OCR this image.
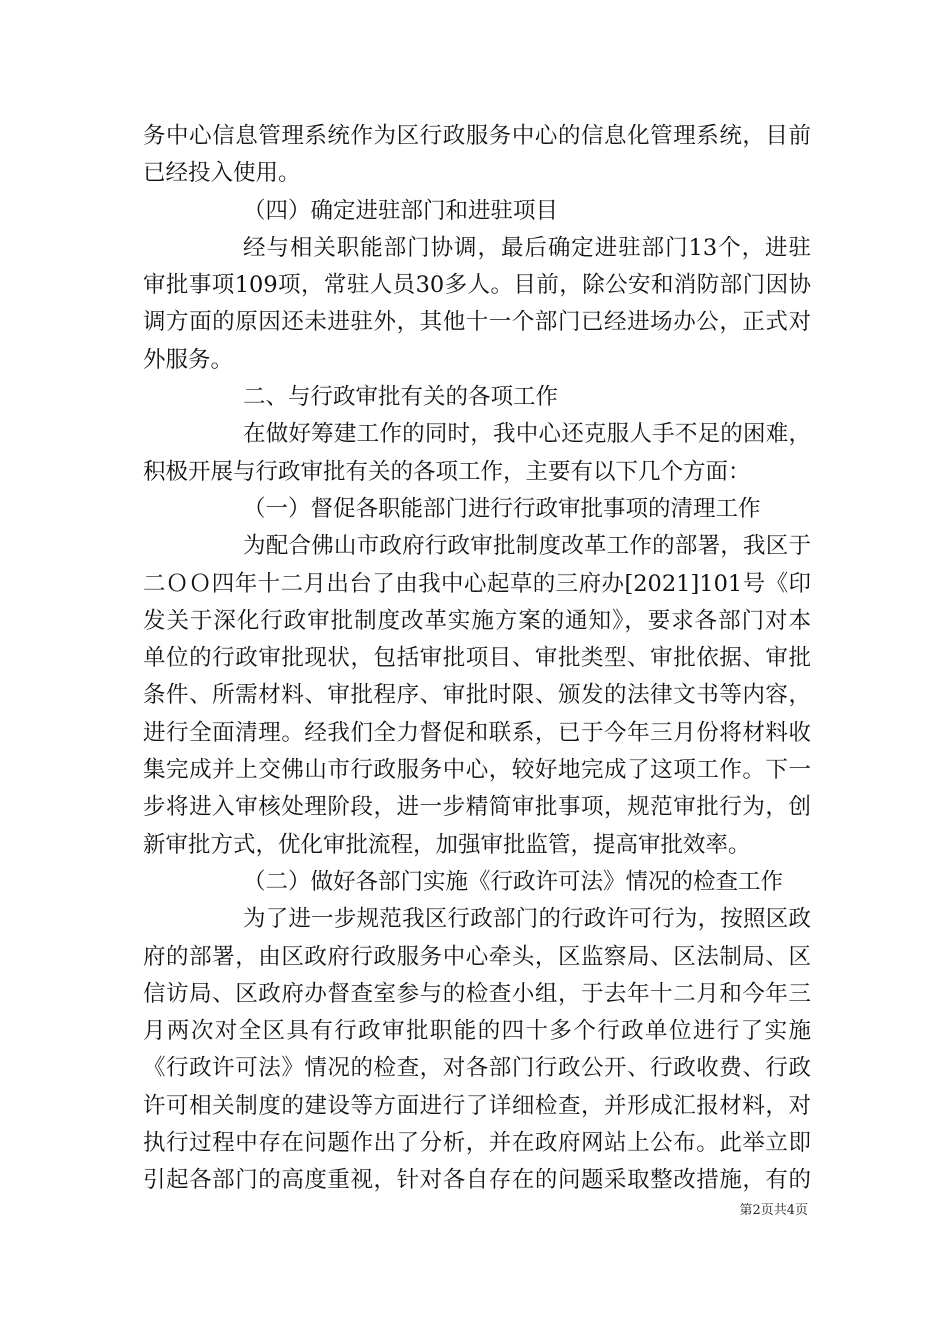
务中心信息管理系统作为区行政服务中心的信息化管理系统，目前
已经投入使用。
（四）确定进驻部门和进驻项目
经与相关职能部门协调，最后确定进驻部门13个，进驻
审批事项109项，常驻人员30多人。目前，除公安和消防部门因协
调方面的原因还未进驻外，其他十一个部门已经进场办公，正式对
外服务。
二、与行政审批有关的各项工作
在做好筹建工作的同时，我中心还克服人手不足的困难，
积极开展与行政审批有关的各项工作，主要有以下几个方面：
（一）督促各职能部门进行行政审批事项的清理工作
为配合佛山市政府行政审批制度改革工作的部署，我区于
二ＯＯ四年十二月出台了由我中心起草的三府办[2021]101号《印
发关于深化行政审批制度改革实施方案的通知》，要求各部门对本
单位的行政审批现状，包括审批项目、审批类型、审批依据、审批
条件、所需材料、审批程序、审批时限、颁发的法律文书等内容，
进行全面清理。经我们全力督促和联系，已于今年三月份将材料收
集完成并上交佛山市行政服务中心，较好地完成了这项工作。下一
步将进入审核处理阶段，进一步精简审批事项，规范审批行为，创
新审批方式，优化审批流程，加强审批监管，提高审批效率。
（二）做好各部门实施《行政许可法》情况的检查工作
为了进一步规范我区行政部门的行政许可行为，按照区政
府的部署，由区政府行政服务中心牵头，区监察局、区法制局、区
信访局、区政府办督查室参与的检查小组，于去年十二月和今年三
月两次对全区具有行政审批职能的四十多个行政单位进行了实施
《行政许可法》情况的检查，对各部门行政公开、行政收费、行政
许可相关制度的建设等方面进行了详细检查，并形成汇报材料，对
执行过程中存在问题作出了分析，并在政府网站上公布。此举立即
引起各部门的高度重视，针对各自存在的问题采取整改措施，有的
第2页共4页
